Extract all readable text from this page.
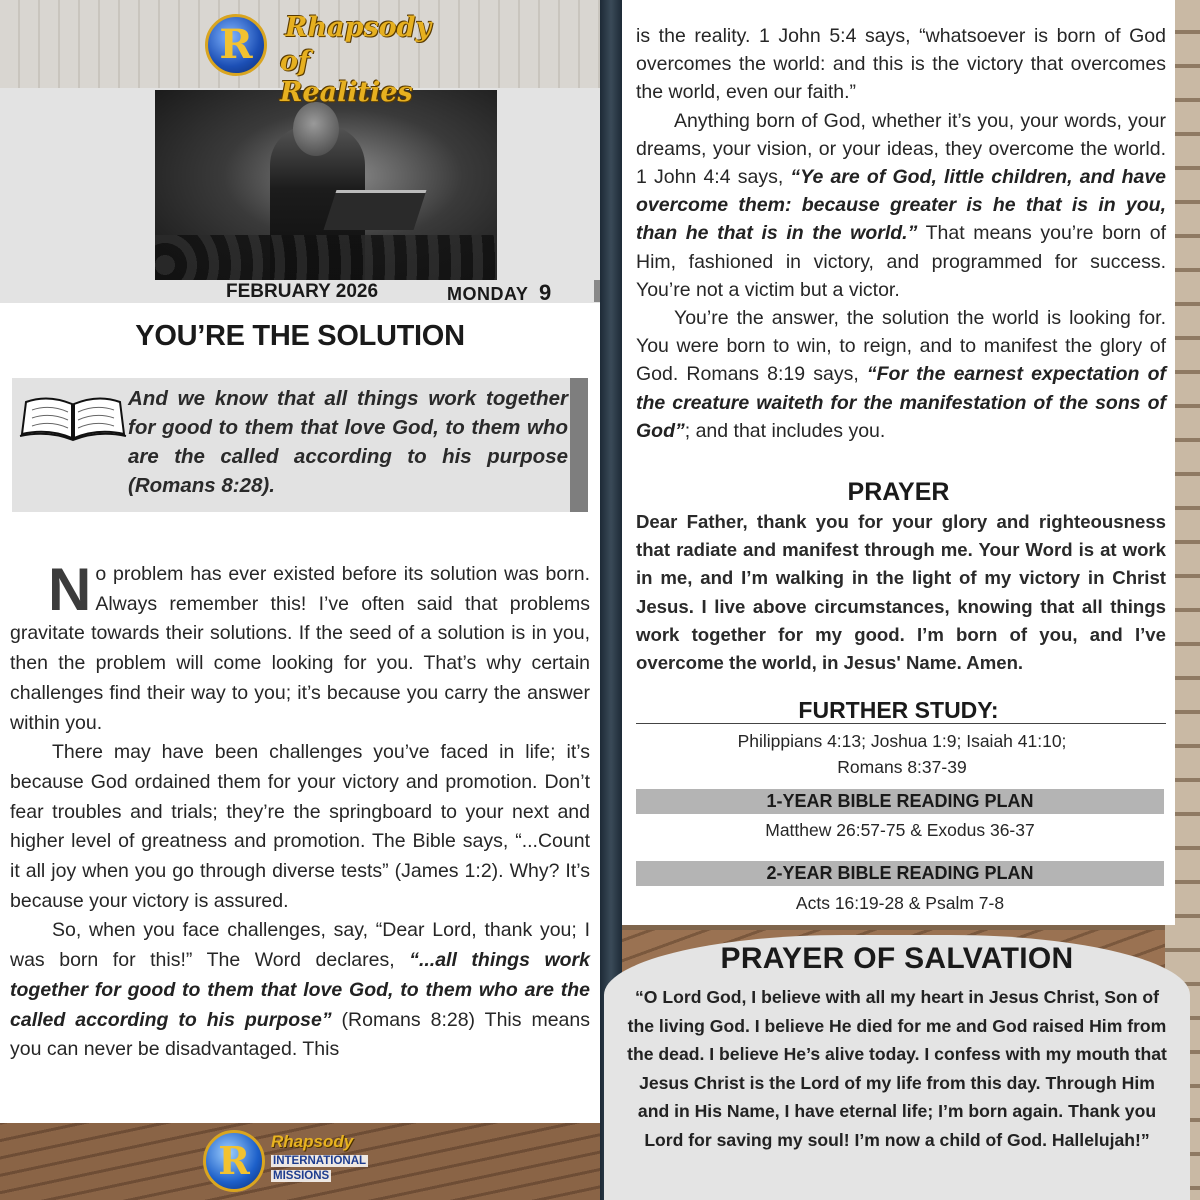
FEBRUARY 2026	MONDAY 9
YOU’RE THE SOLUTION
And we know that all things work together for good to them that love God, to them who are the called according to his purpose (Romans 8:28).

No problem has ever existed before its solution was born. Always remember this! I’ve often said that problems gravitate towards their solutions. If the seed of a solution is in you, then the problem will come looking for you. That’s why certain challenges find their way to you; it’s because you carry the answer within you.

There may have been challenges you’ve faced in life; it’s because God ordained them for your victory and promotion. Don’t fear troubles and trials; they’re the springboard to your next and higher level of greatness and promotion. The Bible says, “...Count it all joy when you go through diverse tests” (James 1:2). Why? It’s because your victory is assured.

So, when you face challenges, say, “Dear Lord, thank you; I was born for this!” The Word declares, “...all things work together for good to them that love God, to them who are the called according to his purpose” (Romans 8:28) This means you can never be disadvantaged. This

R	Rhapsody
of Realities
R	Rhapsody
INTERNATIONAL
MISSIONS

is the reality. 1 John 5:4 says, “whatsoever is born of God overcomes the world: and this is the victory that overcomes the world, even our faith.”

Anything born of God, whether it’s you, your words, your dreams, your vision, or your ideas, they overcome the world. 1 John 4:4 says, “Ye are of God, little children, and have overcome them: because greater is he that is in you, than he that is in the world.” That means you’re born of Him, fashioned in victory, and programmed for success. You’re not a victim but a victor.

You’re the answer, the solution the world is looking for. You were born to win, to reign, and to manifest the glory of God. Romans 8:19 says, “For the earnest expectation of the creature waiteth for the manifestation of the sons of God”; and that includes you.

PRAYER
Dear Father, thank you for your glory and righteousness that radiate and manifest through me. Your Word is at work in me, and I’m walking in the light of my victory in Christ Jesus. I live above circumstances, knowing that all things work together for my good. I’m born of you, and I’ve overcome the world, in Jesus' Name. Amen.
FURTHER STUDY:
Philippians 4:13; Joshua 1:9; Isaiah 41:10;
Romans 8:37-39
1-YEAR BIBLE READING PLAN
Matthew 26:57-75 & Exodus 36-37
2-YEAR BIBLE READING PLAN
Acts 16:19-28 & Psalm 7-8
PRAYER OF SALVATION
“O Lord God, I believe with all my heart in Jesus Christ, Son of the living God. I believe He died for me and God raised Him from the dead. I believe He’s alive today. I confess with my mouth that Jesus Christ is the Lord of my life from this day. Through Him and in His Name, I have eternal life; I’m born again. Thank you Lord for saving my soul! I’m now a child of God. Hallelujah!”
